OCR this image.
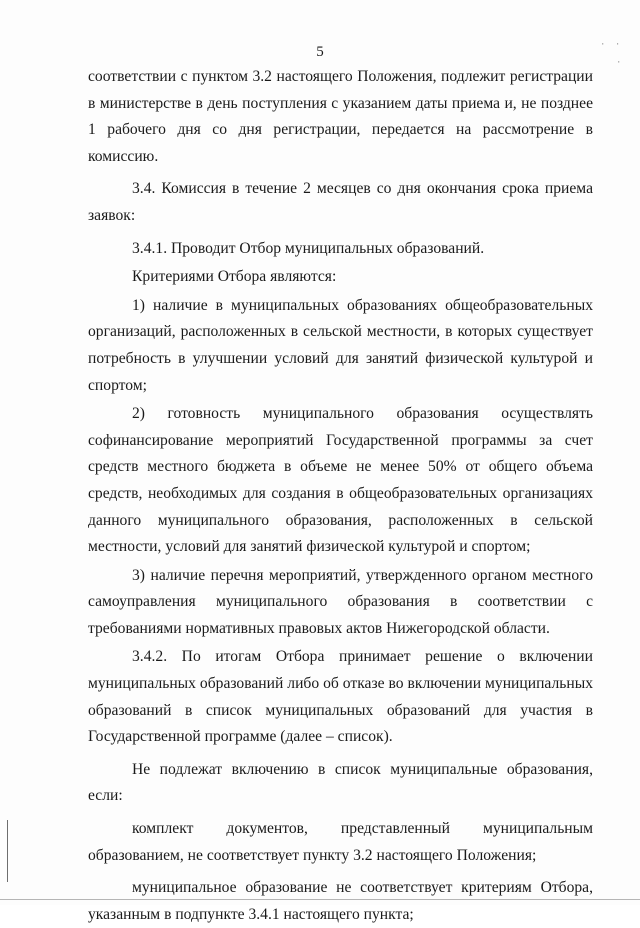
5

соответствии с пунктом 3.2 настоящего Положения, подлежит регистрации в министерстве в день поступления с указанием даты приема и, не позднее 1 рабочего дня со дня регистрации, передается на рассмотрение в комиссию.

3.4. Комиссия в течение 2 месяцев со дня окончания срока приема заявок:

3.4.1. Проводит Отбор муниципальных образований.

Критериями Отбора являются:

1) наличие в муниципальных образованиях общеобразовательных организаций, расположенных в сельской местности, в которых существует потребность в улучшении условий для занятий физической культурой и спортом;

2) готовность муниципального образования осуществлять софинансирование мероприятий Государственной программы за счет средств местного бюджета в объеме не менее 50% от общего объема средств, необходимых для создания в общеобразовательных организациях данного муниципального образования, расположенных в сельской местности, условий для занятий физической культурой и спортом;

3) наличие перечня мероприятий, утвержденного органом местного самоуправления муниципального образования в соответствии с требованиями нормативных правовых актов Нижегородской области.

3.4.2. По итогам Отбора принимает решение о включении муниципальных образований либо об отказе во включении муниципальных образований в список муниципальных образований для участия в Государственной программе (далее – список).

Не подлежат включению в список муниципальные образования, если:

комплект документов, представленный муниципальным образованием, не соответствует пункту 3.2 настоящего Положения;

муниципальное образование не соответствует критериям Отбора, указанным в подпункте 3.4.1 настоящего пункта;

· ·
·
